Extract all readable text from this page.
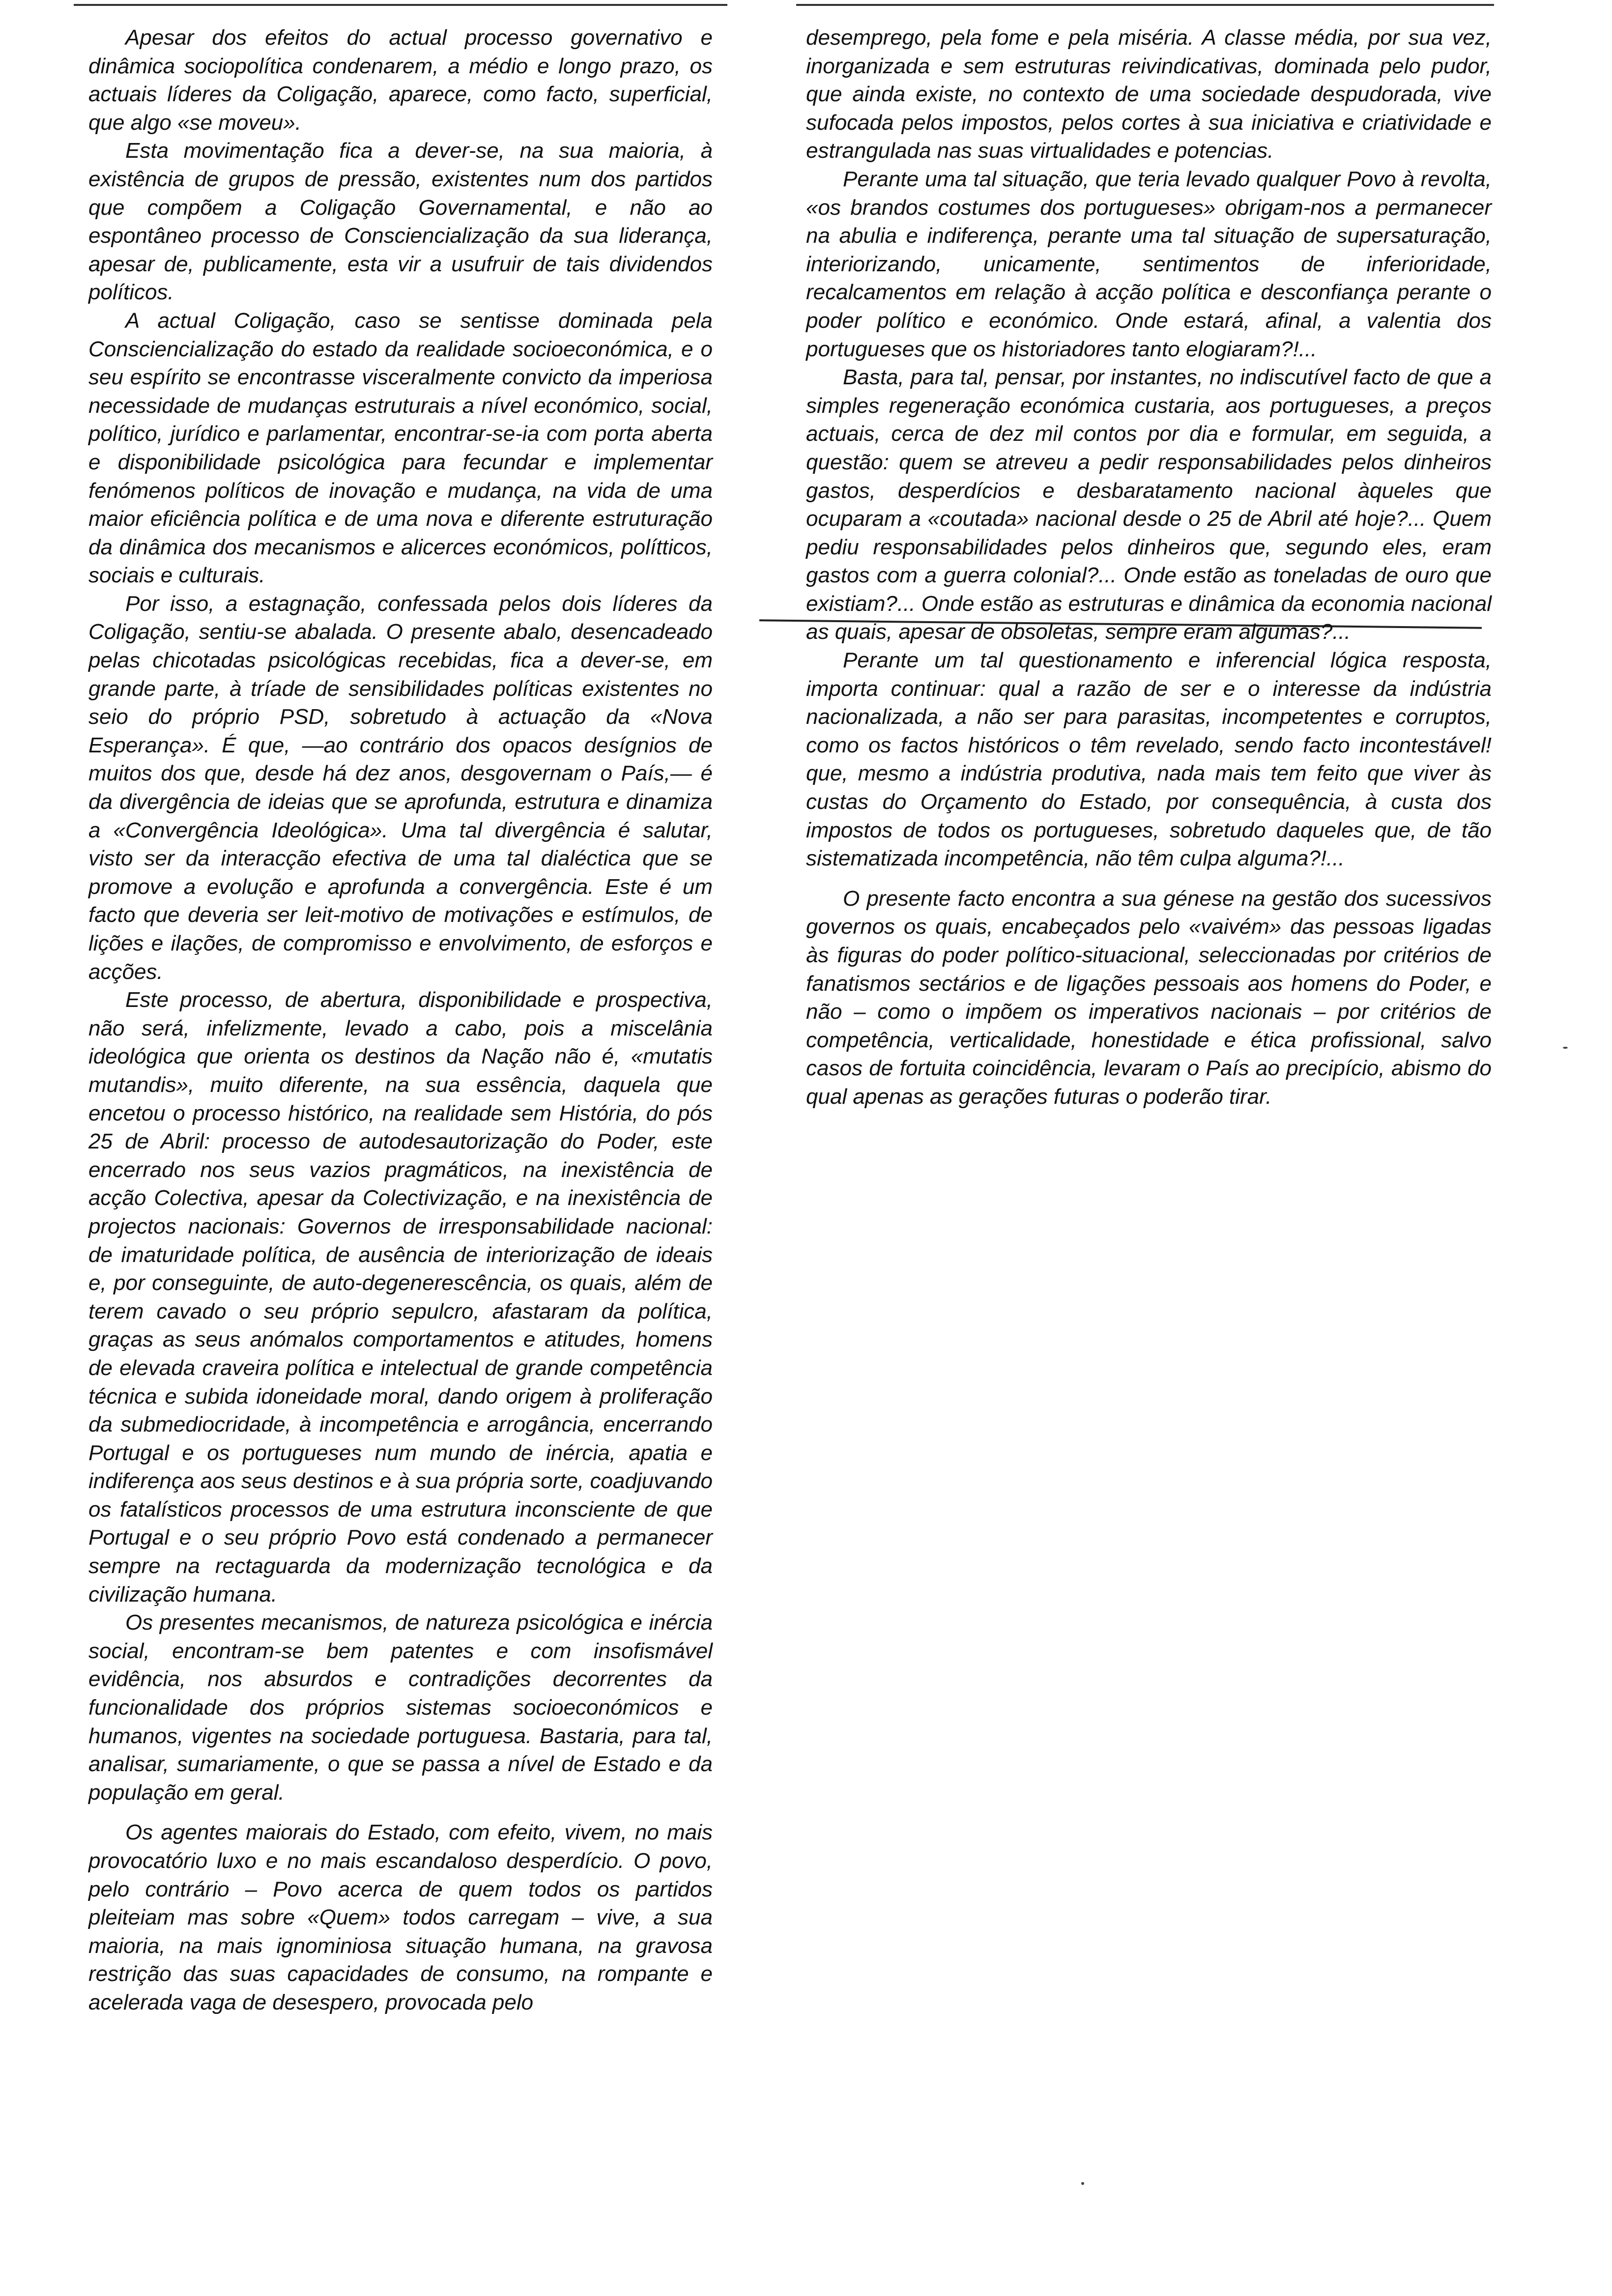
Apesar dos efeitos do actual processo governativo e dinâmica sociopolítica condenarem, a médio e longo prazo, os actuais líderes da Coligação, aparece, como facto, superficial, que algo «se moveu».

Esta movimentação fica a dever-se, na sua maioria, à existência de grupos de pressão, existentes num dos partidos que compõem a Coligação Governamental, e não ao espontâneo processo de Consciencialização da sua liderança, apesar de, publicamente, esta vir a usufruir de tais dividendos políticos.

A actual Coligação, caso se sentisse dominada pela Consciencialização do estado da realidade socioeconómica, e o seu espírito se encontrasse visceralmente convicto da imperiosa necessidade de mudanças estruturais a nível económico, social, político, jurídico e parlamentar, encontrar-se-ia com porta aberta e disponibilidade psicológica para fecundar e implementar fenómenos políticos de inovação e mudança, na vida de uma maior eficiência política e de uma nova e diferente estruturação da dinâmica dos mecanismos e alicerces económicos, polítticos, sociais e culturais.

Por isso, a estagnação, confessada pelos dois líderes da Coligação, sentiu-se abalada. O presente abalo, desencadeado pelas chicotadas psicológicas recebidas, fica a dever-se, em grande parte, à tríade de sensibilidades políticas existentes no seio do próprio PSD, sobretudo à actuação da «Nova Esperança». É que, —ao contrário dos opacos desígnios de muitos dos que, desde há dez anos, desgovernam o País,— é da divergência de ideias que se aprofunda, estrutura e dinamiza a «Convergência Ideológica». Uma tal divergência é salutar, visto ser da interacção efectiva de uma tal dialéctica que se promove a evolução e aprofunda a convergência. Este é um facto que deveria ser leit-motivo de motivações e estímulos, de lições e ilações, de compromisso e envolvimento, de esforços e acções.

Este processo, de abertura, disponibilidade e prospectiva, não será, infelizmente, levado a cabo, pois a miscelânia ideológica que orienta os destinos da Nação não é, «mutatis mutandis», muito diferente, na sua essência, daquela que encetou o processo histórico, na realidade sem História, do pós 25 de Abril: processo de autodesautorização do Poder, este encerrado nos seus vazios pragmáticos, na inexistência de acção Colectiva, apesar da Colectivização, e na inexistência de projectos nacionais: Governos de irresponsabilidade nacional: de imaturidade política, de ausência de interiorização de ideais e, por conseguinte, de auto-degenerescência, os quais, além de terem cavado o seu próprio sepulcro, afastaram da política, graças as seus anómalos comportamentos e atitudes, homens de elevada craveira política e intelectual de grande competência técnica e subida idoneidade moral, dando origem à proliferação da submediocridade, à incompetência e arrogância, encerrando Portugal e os portugueses num mundo de inércia, apatia e indiferença aos seus destinos e à sua própria sorte, coadjuvando os fatalísticos processos de uma estrutura inconsciente de que Portugal e o seu próprio Povo está condenado a permanecer sempre na rectaguarda da modernização tecnológica e da civilização humana.

Os presentes mecanismos, de natureza psicológica e inércia social, encontram-se bem patentes e com insofismável evidência, nos absurdos e contradições decorrentes da funcionalidade dos próprios sistemas socioeconómicos e humanos, vigentes na sociedade portuguesa. Bastaria, para tal, analisar, sumariamente, o que se passa a nível de Estado e da população em geral.

Os agentes maiorais do Estado, com efeito, vivem, no mais provocatório luxo e no mais escandaloso desperdício. O povo, pelo contrário – Povo acerca de quem todos os partidos pleiteiam mas sobre «Quem» todos carregam – vive, a sua maioria, na mais ignominiosa situação humana, na gravosa restrição das suas capacidades de consumo, na rompante e acelerada vaga de desespero, provocada pelo

desemprego, pela fome e pela miséria. A classe média, por sua vez, inorganizada e sem estruturas reivindicativas, dominada pelo pudor, que ainda existe, no contexto de uma sociedade despudorada, vive sufocada pelos impostos, pelos cortes à sua iniciativa e criatividade e estrangulada nas suas virtualidades e potencias.

Perante uma tal situação, que teria levado qualquer Povo à revolta, «os brandos costumes dos portugueses» obrigam-nos a permanecer na abulia e indiferença, perante uma tal situação de supersaturação, interiorizando, unicamente, sentimentos de inferioridade, recalcamentos em relação à acção política e desconfiança perante o poder político e económico. Onde estará, afinal, a valentia dos portugueses que os historiadores tanto elogiaram?!...

Basta, para tal, pensar, por instantes, no indiscutível facto de que a simples regeneração económica custaria, aos portugueses, a preços actuais, cerca de dez mil contos por dia e formular, em seguida, a questão: quem se atreveu a pedir responsabilidades pelos dinheiros gastos, desperdícios e desbaratamento nacional àqueles que ocuparam a «coutada» nacional desde o 25 de Abril até hoje?... Quem pediu responsabilidades pelos dinheiros que, segundo eles, eram gastos com a guerra colonial?... Onde estão as toneladas de ouro que existiam?... Onde estão as estruturas e dinâmica da economia nacional as quais, apesar de obsoletas, sempre eram algumas?...

Perante um tal questionamento e inferencial lógica resposta, importa continuar: qual a razão de ser e o interesse da indústria nacionalizada, a não ser para parasitas, incompetentes e corruptos, como os factos históricos o têm revelado, sendo facto incontestável! que, mesmo a indústria produtiva, nada mais tem feito que viver às custas do Orçamento do Estado, por consequência, à custa dos impostos de todos os portugueses, sobretudo daqueles que, de tão sistematizada incompetência, não têm culpa alguma?!...

O presente facto encontra a sua génese na gestão dos sucessivos governos os quais, encabeçados pelo «vaivém» das pessoas ligadas às figuras do poder político-situacional, seleccionadas por critérios de fanatismos sectários e de ligações pessoais aos homens do Poder, e não – como o impõem os imperativos nacionais – por critérios de competência, verticalidade, honestidade e ética profissional, salvo casos de fortuita coincidência, levaram o País ao precipício, abismo do qual apenas as gerações futuras o poderão tirar.
